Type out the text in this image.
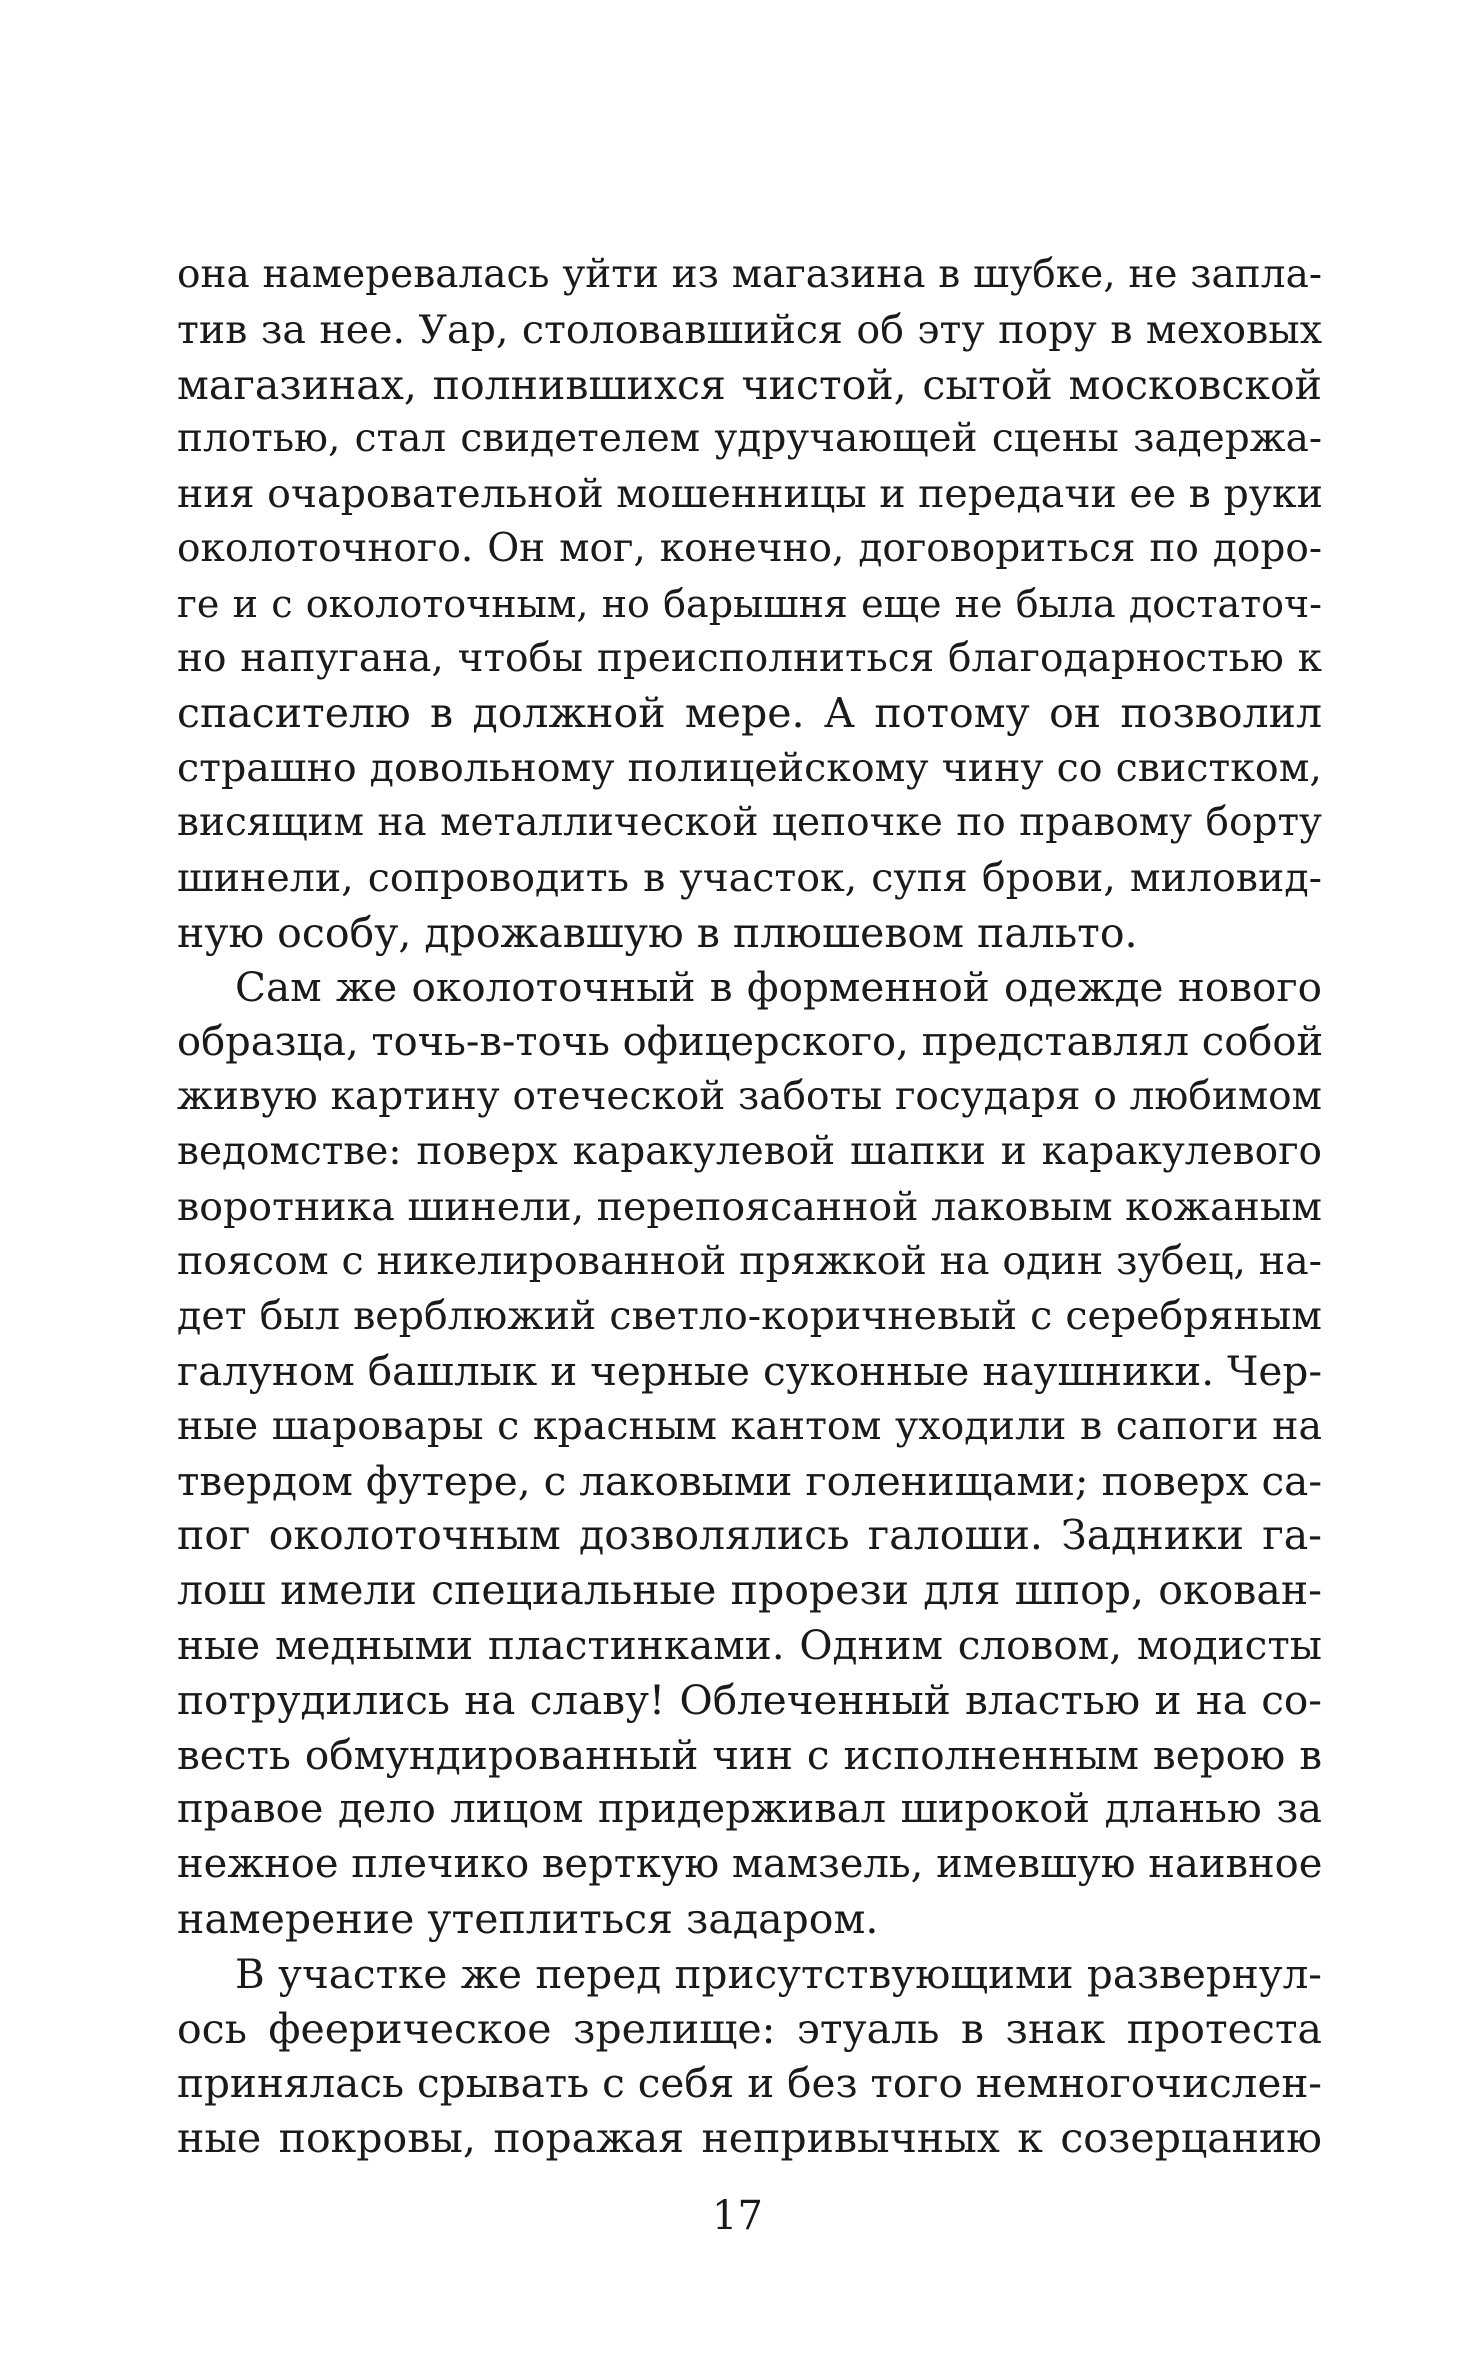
она намеревалась уйти из магазина в шубке, не запла-
тив за нее. Уар, столовавшийся об эту пору в меховых
магазинах, полнившихся чистой, сытой московской
плотью, стал свидетелем удручающей сцены задержа-
ния очаровательной мошенницы и передачи ее в руки
околоточного. Он мог, конечно, договориться по доро-
ге и с околоточным, но барышня еще не была достаточ-
но напугана, чтобы преисполниться благодарностью к
спасителю в должной мере. А потому он позволил
страшно довольному полицейскому чину со свистком,
висящим на металлической цепочке по правому борту
шинели, сопроводить в участок, супя брови, миловид-
ную особу, дрожавшую в плюшевом пальто.
Сам же околоточный в форменной одежде нового
образца, точь-в-точь офицерского, представлял собой
живую картину отеческой заботы государя о любимом
ведомстве: поверх каракулевой шапки и каракулевого
воротника шинели, перепоясанной лаковым кожаным
поясом с никелированной пряжкой на один зубец, на-
дет был верблюжий светло-коричневый с серебряным
галуном башлык и черные суконные наушники. Чер-
ные шаровары с красным кантом уходили в сапоги на
твердом футере, с лаковыми голенищами; поверх са-
пог околоточным дозволялись галоши. Задники га-
лош имели специальные прорези для шпор, окован-
ные медными пластинками. Одним словом, модисты
потрудились на славу! Облеченный властью и на со-
весть обмундированный чин с исполненным верою в
правое дело лицом придерживал широкой дланью за
нежное плечико верткую мамзель, имевшую наивное
намерение утеплиться задаром.
В участке же перед присутствующими развернул-
ось феерическое зрелище: этуаль в знак протеста
принялась срывать с себя и без того немногочислен-
ные покровы, поражая непривычных к созерцанию
17
